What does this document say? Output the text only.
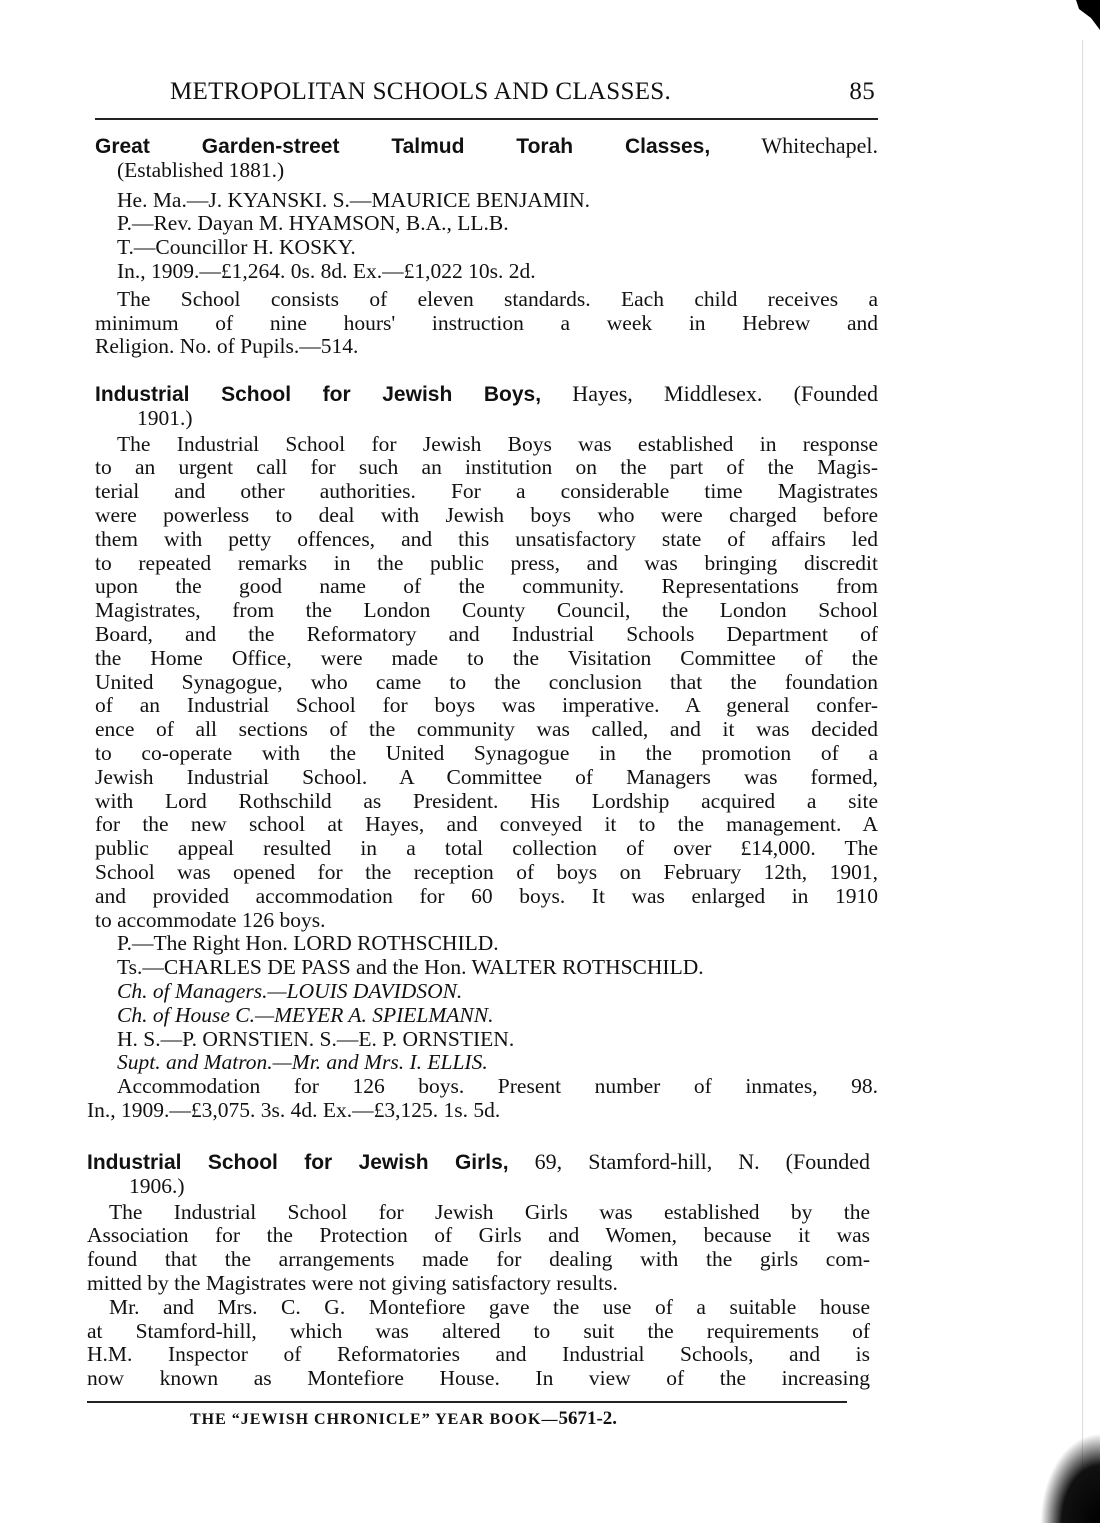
METROPOLITAN SCHOOLS AND CLASSES.	85
Great Garden-street Talmud Torah Classes, Whitechapel.
(Established 1881.)
He. Ma.—J. KYANSKI. S.—MAURICE BENJAMIN.
P.—Rev. Dayan M. HYAMSON, B.A., LL.B.
T.—Councillor H. KOSKY.
In., 1909.—£1,264. 0s. 8d. Ex.—£1,022 10s. 2d.
The School consists of eleven standards. Each child receives a
minimum of nine hours' instruction a week in Hebrew and
Religion. No. of Pupils.—514.
Industrial School for Jewish Boys, Hayes, Middlesex. (Founded
1901.)
The Industrial School for Jewish Boys was established in response
to an urgent call for such an institution on the part of the Magis-
terial and other authorities. For a considerable time Magistrates
were powerless to deal with Jewish boys who were charged before
them with petty offences, and this unsatisfactory state of affairs led
to repeated remarks in the public press, and was bringing discredit
upon the good name of the community. Representations from
Magistrates, from the London County Council, the London School
Board, and the Reformatory and Industrial Schools Department of
the Home Office, were made to the Visitation Committee of the
United Synagogue, who came to the conclusion that the foundation
of an Industrial School for boys was imperative. A general confer-
ence of all sections of the community was called, and it was decided
to co-operate with the United Synagogue in the promotion of a
Jewish Industrial School. A Committee of Managers was formed,
with Lord Rothschild as President. His Lordship acquired a site
for the new school at Hayes, and conveyed it to the management. A
public appeal resulted in a total collection of over £14,000. The
School was opened for the reception of boys on February 12th, 1901,
and provided accommodation for 60 boys. It was enlarged in 1910
to accommodate 126 boys.
P.—The Right Hon. LORD ROTHSCHILD.
Ts.—CHARLES DE PASS and the Hon. WALTER ROTHSCHILD.
Ch. of Managers.—LOUIS DAVIDSON.
Ch. of House C.—MEYER A. SPIELMANN.
H. S.—P. ORNSTIEN. S.—E. P. ORNSTIEN.
Supt. and Matron.—Mr. and Mrs. I. ELLIS.
Accommodation for 126 boys. Present number of inmates, 98.
In., 1909.—£3,075. 3s. 4d. Ex.—£3,125. 1s. 5d.
Industrial School for Jewish Girls, 69, Stamford-hill, N. (Founded
1906.)
The Industrial School for Jewish Girls was established by the
Association for the Protection of Girls and Women, because it was
found that the arrangements made for dealing with the girls com-
mitted by the Magistrates were not giving satisfactory results.
Mr. and Mrs. C. G. Montefiore gave the use of a suitable house
at Stamford-hill, which was altered to suit the requirements of
H.M. Inspector of Reformatories and Industrial Schools, and is
now known as Montefiore House. In view of the increasing
THE “JEWISH CHRONICLE” YEAR BOOK—5671-2.
